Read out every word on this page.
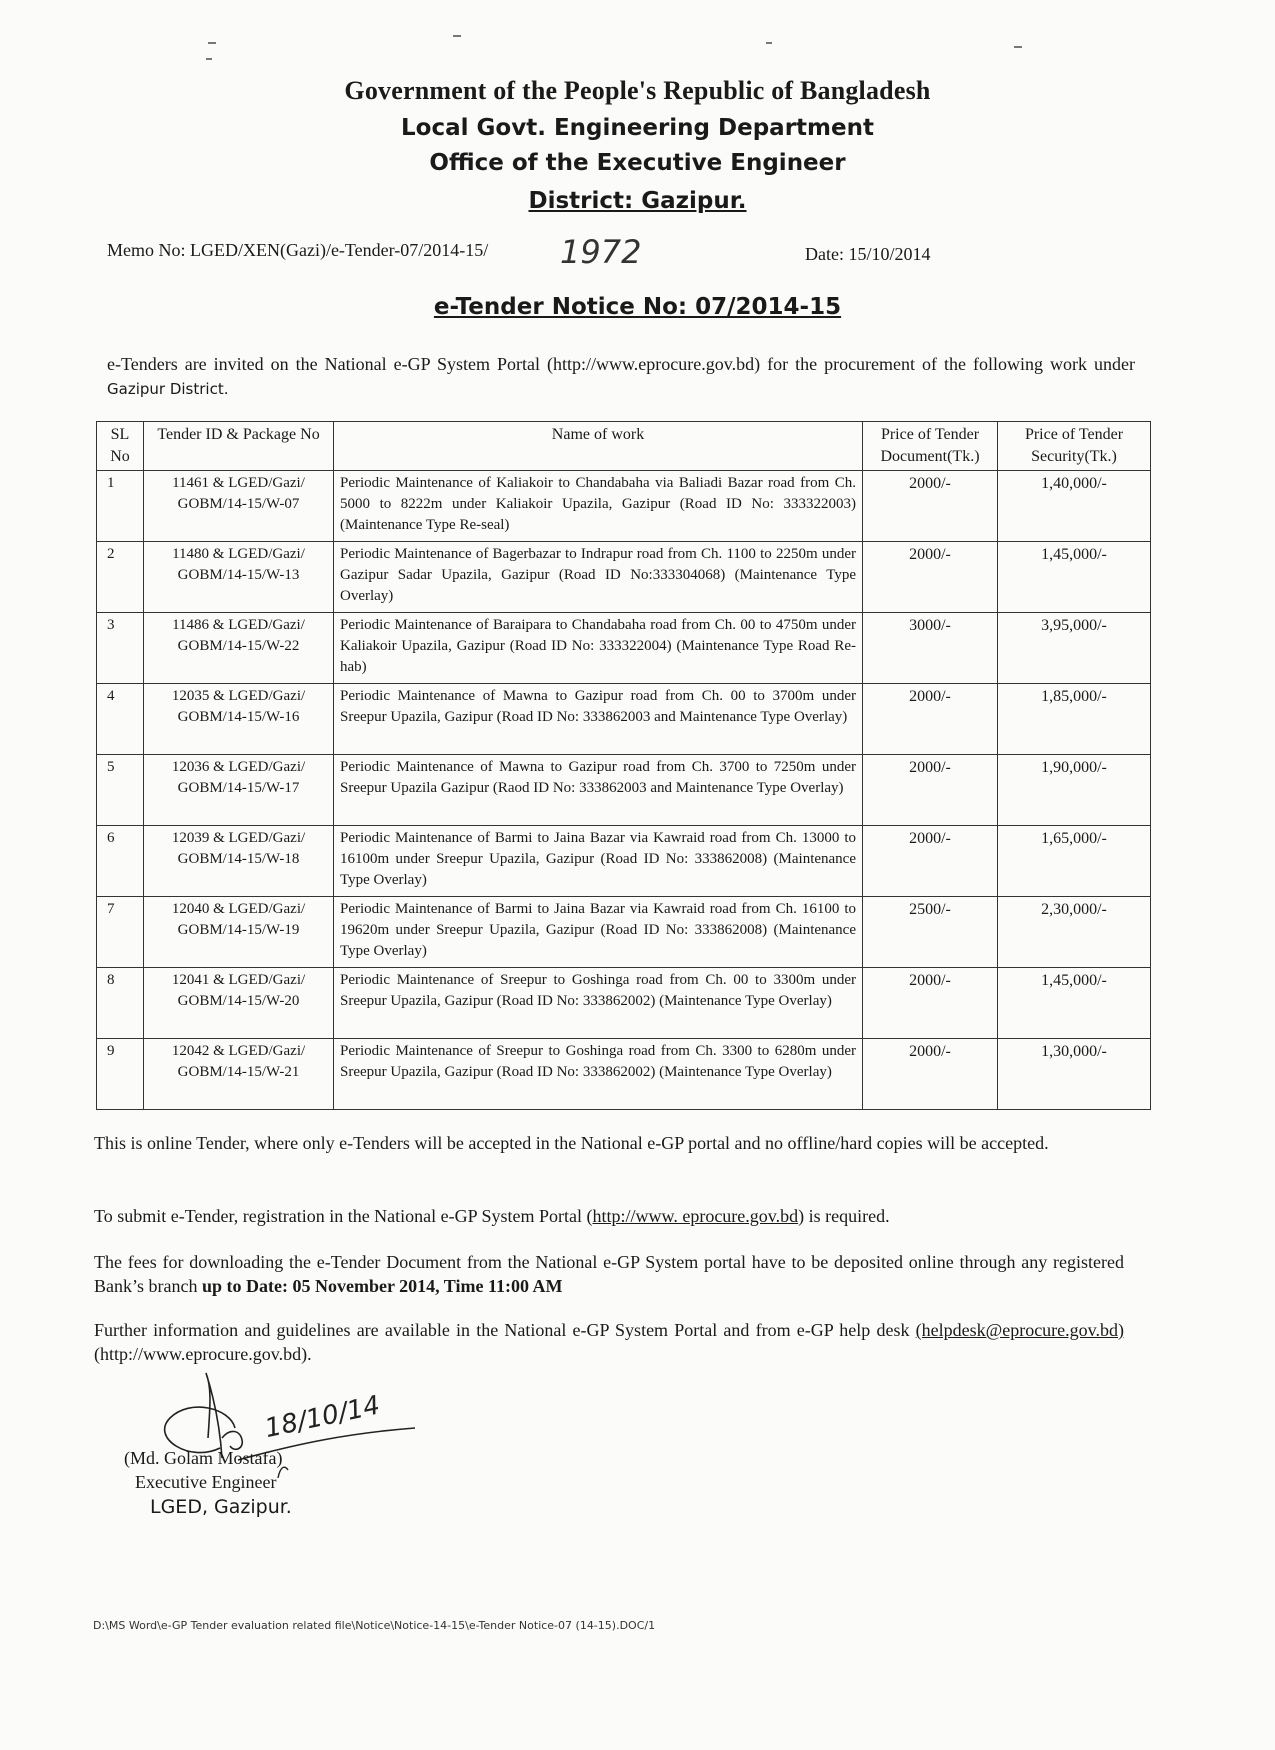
Government of the People's Republic of Bangladesh
Local Govt. Engineering Department
Office of the Executive Engineer
District: Gazipur.
Memo No: LGED/XEN(Gazi)/e-Tender-07/2014-15/ 1972	Date: 15/10/2014
e-Tender Notice No: 07/2014-15
e-Tenders are invited on the National e-GP System Portal (http://www.eprocure.gov.bd) for the procurement of the following work under Gazipur District.
SL No	Tender ID & Package No	Name of work	Price of Tender Document(Tk.)	Price of Tender Security(Tk.)
1	11461 & LGED/Gazi/ GOBM/14-15/W-07	Periodic Maintenance of Kaliakoir to Chandabaha via Baliadi Bazar road from Ch. 5000 to 8222m under Kaliakoir Upazila, Gazipur (Road ID No: 333322003) (Maintenance Type Re-seal)	2000/-	1,40,000/-
2	11480 & LGED/Gazi/ GOBM/14-15/W-13	Periodic Maintenance of Bagerbazar to Indrapur road from Ch. 1100 to 2250m under Gazipur Sadar Upazila, Gazipur (Road ID No:333304068) (Maintenance Type Overlay)	2000/-	1,45,000/-
3	11486 & LGED/Gazi/ GOBM/14-15/W-22	Periodic Maintenance of Baraipara to Chandabaha road from Ch. 00 to 4750m under Kaliakoir Upazila, Gazipur (Road ID No: 333322004) (Maintenance Type Road Re-hab)	3000/-	3,95,000/-
4	12035 & LGED/Gazi/ GOBM/14-15/W-16	Periodic Maintenance of Mawna to Gazipur road from Ch. 00 to 3700m under Sreepur Upazila, Gazipur (Road ID No: 333862003 and Maintenance Type Overlay)	2000/-	1,85,000/-
5	12036 & LGED/Gazi/ GOBM/14-15/W-17	Periodic Maintenance of Mawna to Gazipur road from Ch. 3700 to 7250m under Sreepur Upazila Gazipur (Raod ID No: 333862003 and Maintenance Type Overlay)	2000/-	1,90,000/-
6	12039 & LGED/Gazi/ GOBM/14-15/W-18	Periodic Maintenance of Barmi to Jaina Bazar via Kawraid road from Ch. 13000 to 16100m under Sreepur Upazila, Gazipur (Road ID No: 333862008) (Maintenance Type Overlay)	2000/-	1,65,000/-
7	12040 & LGED/Gazi/ GOBM/14-15/W-19	Periodic Maintenance of Barmi to Jaina Bazar via Kawraid road from Ch. 16100 to 19620m under Sreepur Upazila, Gazipur (Road ID No: 333862008) (Maintenance Type Overlay)	2500/-	2,30,000/-
8	12041 & LGED/Gazi/ GOBM/14-15/W-20	Periodic Maintenance of Sreepur to Goshinga road from Ch. 00 to 3300m under Sreepur Upazila, Gazipur (Road ID No: 333862002) (Maintenance Type Overlay)	2000/-	1,45,000/-
9	12042 & LGED/Gazi/ GOBM/14-15/W-21	Periodic Maintenance of Sreepur to Goshinga road from Ch. 3300 to 6280m under Sreepur Upazila, Gazipur (Road ID No: 333862002) (Maintenance Type Overlay)	2000/-	1,30,000/-
This is online Tender, where only e-Tenders will be accepted in the National e-GP portal and no offline/hard copies will be accepted.
To submit e-Tender, registration in the National e-GP System Portal (http://www. eprocure.gov.bd) is required.
The fees for downloading the e-Tender Document from the National e-GP System portal have to be deposited online through any registered Bank’s branch up to Date: 05 November 2014, Time 11:00 AM
Further information and guidelines are available in the National e-GP System Portal and from e-GP help desk (helpdesk@eprocure.gov.bd) (http://www.eprocure.gov.bd).
18/10/14
(Md. Golam Mostafa)
Executive Engineer
LGED, Gazipur.
D:\MS Word\e-GP Tender evaluation related file\Notice\Notice-14-15\e-Tender Notice-07 (14-15).DOC/1
